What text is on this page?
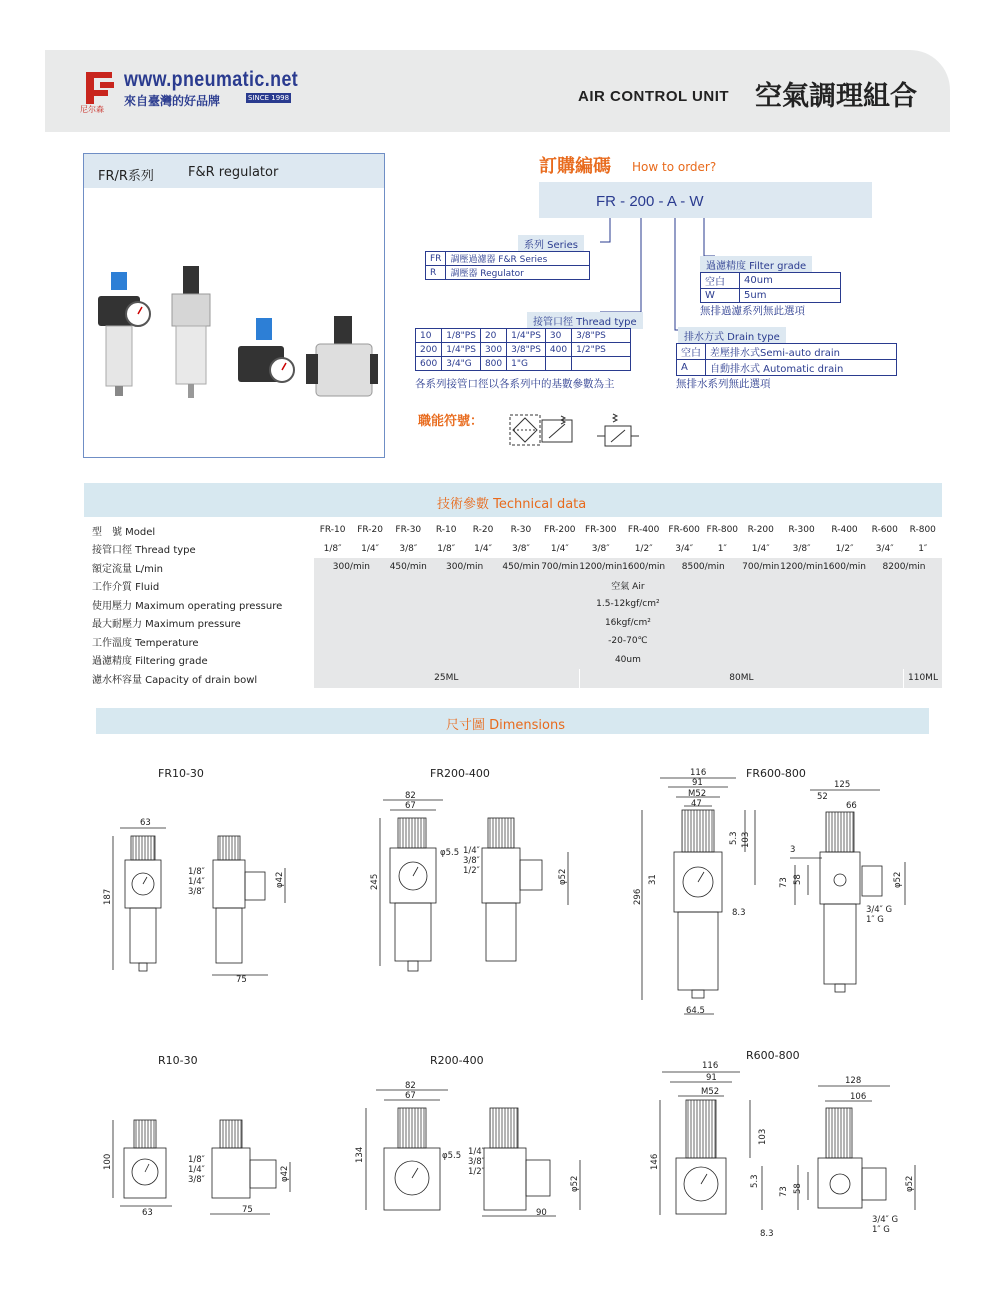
尼尔森
www.pneumatic.net
來自臺灣的好品牌	SINCE 1998	AIR CONTROL UNIT 空氣調理組合
FR/R系列	F&R regulator	訂購編碼 How to order?
FR - 200 - A - W
系列 Series
FR	調壓過濾器 F&R Series
R	調壓器 Regulator
接管口徑 Thread type
10	1/8"PS	20	1/4"PS	30	3/8"PS
200	1/4"PS	300	3/8"PS	400	1/2"PS
600	3/4"G	800	1"G		
各系列接管口徑以各系列中的基數參數為主
過濾精度 Filter grade
空白	40um
W	5um
無排過濾系列無此選項
排水方式 Drain type
空白	差壓排水式Semi-auto drain
A	自動排水式 Automatic drain
無排水系列無此選項
職能符號：
技術參數 Technical data
型　號 Model	FR-10	FR-20	FR-30	R-10	R-20	R-30	FR-200	FR-300	FR-400	FR-600	FR-800	R-200	R-300	R-400	R-600	R-800
接管口徑 Thread type	1/8″	1/4″	3/8″	1/8″	1/4″	3/8″	1/4″	3/8″	1/2″	3/4″	1″	1/4″	3/8″	1/2″	3/4″	1″
額定流量 L/min	300/min		450/min	300/min		450/min	700/min	1200/min	1600/min	8500/min		700/min	1200/min	1600/min	8200/min	
工作介質 Fluid	空氣 Air															
使用壓力 Maximum operating pressure	1.5-12kgf/cm²															
最大耐壓力 Maximum pressure	16kgf/cm²															
工作溫度 Temperature	-20-70℃															
過濾精度 Filtering grade	40um															
濾水杯容量 Capacity of drain bowl	25ML							80ML								110ML
尺寸圖 Dimensions
FR10-30	FR200-400	FR600-800
R10-30	R200-400	R600-800
63
187
75
φ42
1/8″
1/4″
3/8″
82
67
245
φ5.5 1/4″
3/8″
1/2″	φ52
116
91
M52
47
125
52
66
296
31
5.3 103
8.3
64.5
3
73 58	φ52
3/4″ G
1″ G
100
63	75
φ42
1/8″
1/4″
3/8″
82
67
134	φ5.5 1/4″
3/8″
1/2″
90
φ52
116
91
M52
128
106
146
103
5.3
8.3
73 58	φ52
3/4″ G
1″ G
